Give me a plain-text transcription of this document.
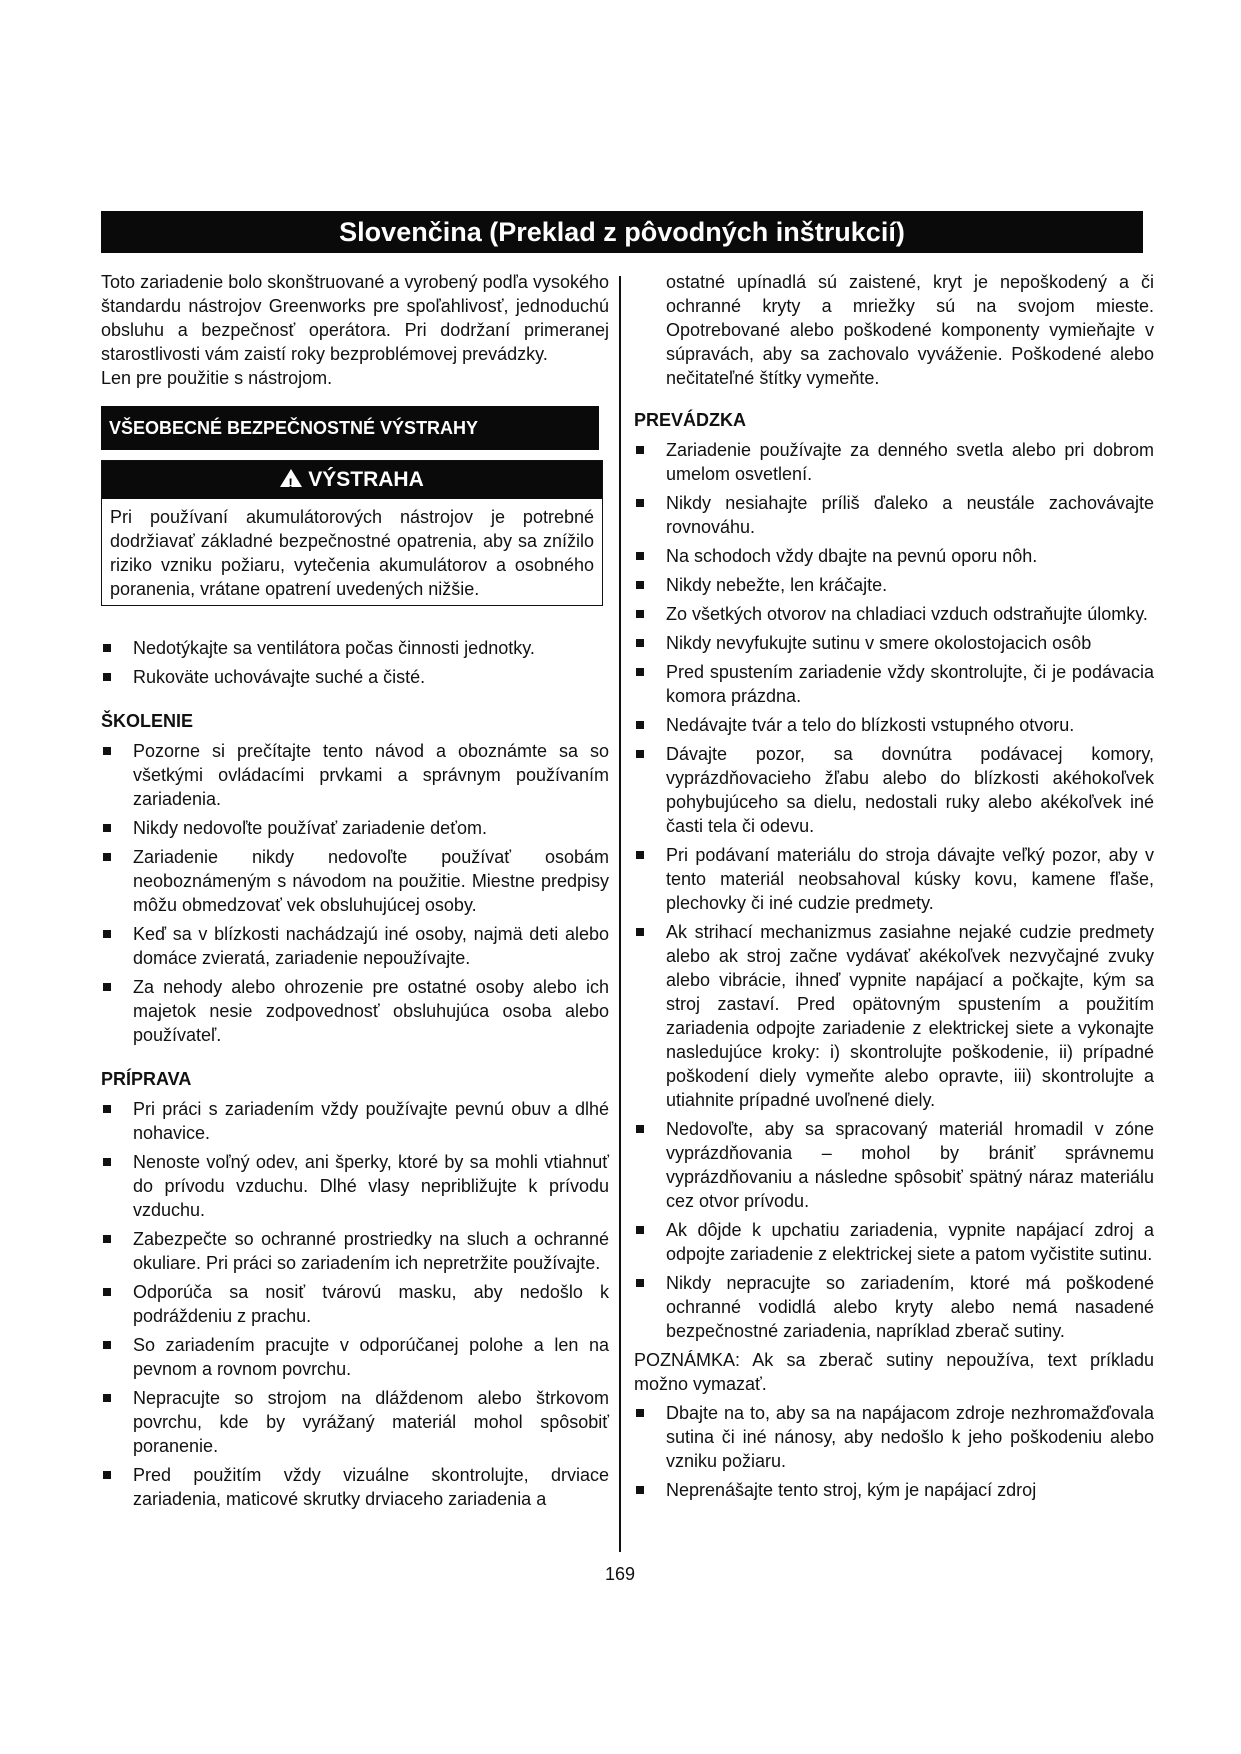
Slovenčina (Preklad z pôvodných inštrukcií)

Toto zariadenie bolo skonštruované a vyrobený podľa vysokého štandardu nástrojov Greenworks pre spoľahlivosť, jednoduchú obsluhu a bezpečnosť operátora. Pri dodržaní primeranej starostlivosti vám zaistí roky bezproblémovej prevádzky.

Len pre použitie s nástrojom.

VŠEOBECNÉ BEZPEČNOSTNÉ VÝSTRAHY
!VÝSTRAHA
Pri používaní akumulátorových nástrojov je potrebné dodržiavať základné bezpečnostné opatrenia, aby sa znížilo riziko vzniku požiaru, vytečenia akumulátorov a osobného poranenia, vrátane opatrení uvedených nižšie.
Nedotýkajte sa ventilátora počas činnosti jednotky.
Rukoväte uchovávajte suché a čisté.
ŠKOLENIE
Pozorne si prečítajte tento návod a oboznámte sa so všetkými ovládacími prvkami a správnym používaním zariadenia.
Nikdy nedovoľte používať zariadenie deťom.
Zariadenie nikdy nedovoľte používať osobám neoboznámeným s návodom na použitie. Miestne predpisy môžu obmedzovať vek obsluhujúcej osoby.
Keď sa v blízkosti nachádzajú iné osoby, najmä deti alebo domáce zvieratá, zariadenie nepoužívajte.
Za nehody alebo ohrozenie pre ostatné osoby alebo ich majetok nesie zodpovednosť obsluhujúca osoba alebo používateľ.
PRÍPRAVA
Pri práci s zariadením vždy používajte pevnú obuv a dlhé nohavice.
Nenoste voľný odev, ani šperky, ktoré by sa mohli vtiahnuť do prívodu vzduchu. Dlhé vlasy nepribližujte k prívodu vzduchu.
Zabezpečte so ochranné prostriedky na sluch a ochranné okuliare. Pri práci so zariadením ich nepretržite používajte.
Odporúča sa nosiť tvárovú masku, aby nedošlo k podráždeniu z prachu.
So zariadením pracujte v odporúčanej polohe a len na pevnom a rovnom povrchu.
Nepracujte so strojom na dláždenom alebo štrkovom povrchu, kde by vyrážaný materiál mohol spôsobiť poranenie.
Pred použitím vždy vizuálne skontrolujte, drviace zariadenia, maticové skrutky drviaceho zariadenia a

ostatné upínadlá sú zaistené, kryt je nepoškodený a či ochranné kryty a mriežky sú na svojom mieste. Opotrebované alebo poškodené komponenty vymieňajte v súpravách, aby sa zachovalo vyváženie. Poškodené alebo nečitateľné štítky vymeňte.

PREVÁDZKA
Zariadenie používajte za denného svetla alebo pri dobrom umelom osvetlení.
Nikdy nesiahajte príliš ďaleko a neustále zachovávajte rovnováhu.
Na schodoch vždy dbajte na pevnú oporu nôh.
Nikdy nebežte, len kráčajte.
Zo všetkých otvorov na chladiaci vzduch odstraňujte úlomky.
Nikdy nevyfukujte sutinu v smere okolostojacich osôb
Pred spustením zariadenie vždy skontrolujte, či je podávacia komora prázdna.
Nedávajte tvár a telo do blízkosti vstupného otvoru.
Dávajte pozor, sa dovnútra podávacej komory, vyprázdňovacieho žľabu alebo do blízkosti akéhokoľvek pohybujúceho sa dielu, nedostali ruky alebo akékoľvek iné časti tela či odevu.
Pri podávaní materiálu do stroja dávajte veľký pozor, aby v tento materiál neobsahoval kúsky kovu, kamene fľaše, plechovky či iné cudzie predmety.
Ak strihací mechanizmus zasiahne nejaké cudzie predmety alebo ak stroj začne vydávať akékoľvek nezvyčajné zvuky alebo vibrácie, ihneď vypnite napájací a počkajte, kým sa stroj zastaví. Pred opätovným spustením a použitím zariadenia odpojte zariadenie z elektrickej siete a vykonajte nasledujúce kroky: i) skontrolujte poškodenie, ii) prípadné poškodení diely vymeňte alebo opravte, iii) skontrolujte a utiahnite prípadné uvoľnené diely.
Nedovoľte, aby sa spracovaný materiál hromadil v zóne vyprázdňovania – mohol by brániť správnemu vyprázdňovaniu a následne spôsobiť spätný náraz materiálu cez otvor prívodu.
Ak dôjde k upchatiu zariadenia, vypnite napájací zdroj a odpojte zariadenie z elektrickej siete a patom vyčistite sutinu.
Nikdy nepracujte so zariadením, ktoré má poškodené ochranné vodidlá alebo kryty alebo nemá nasadené bezpečnostné zariadenia, napríklad zberač sutiny.

POZNÁMKA: Ak sa zberač sutiny nepoužíva, text príkladu možno vymazať.

Dbajte na to, aby sa na napájacom zdroje nezhromažďovala sutina či iné nánosy, aby nedošlo k jeho poškodeniu alebo vzniku požiaru.
Neprenášajte tento stroj, kým je napájací zdroj
169
